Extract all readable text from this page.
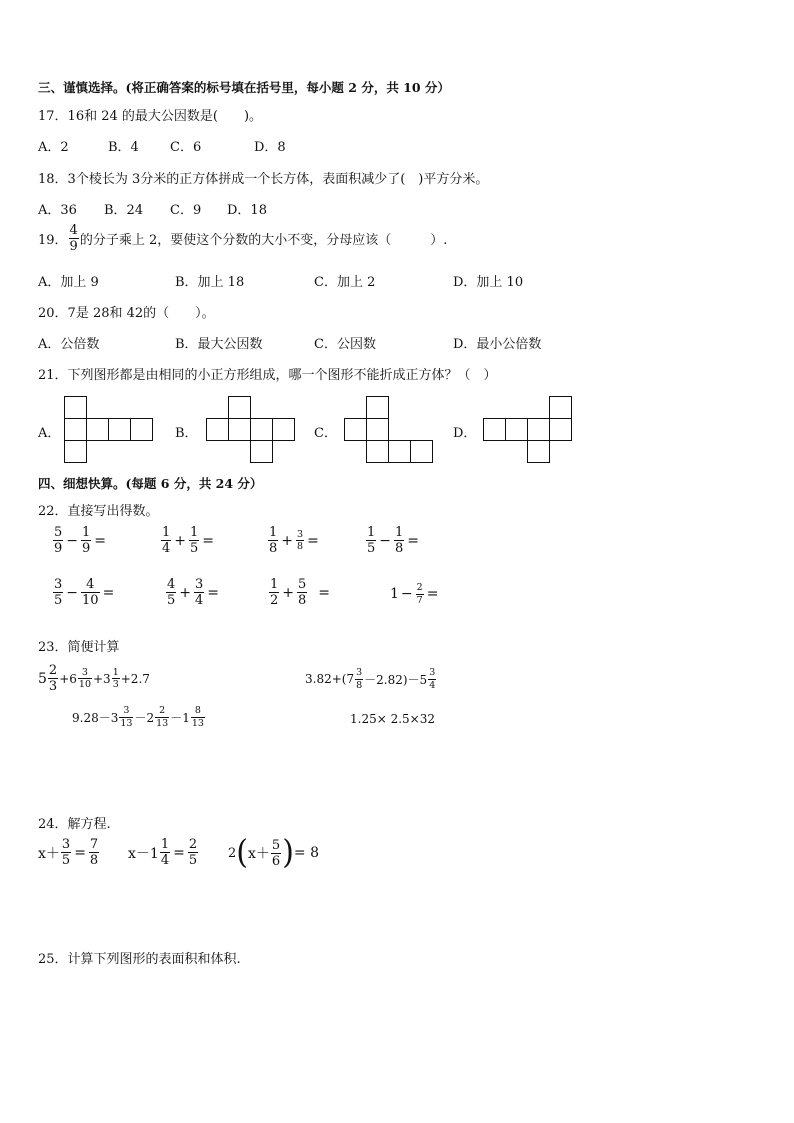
三、谨慎选择。(将正确答案的标号填在括号里，每小题 2 分，共 10 分）
17．16和 24 的最大公因数是(　　)。
A．2	B．4 C．6	D．8
18．3个棱长为 3分米的正方体拼成一个长方体，表面积减少了(　)平方分米。
A．36 B．24 C．9 D．18
19． $\frac{4}{9}$ 的分子乘上 2，要使这个分数的大小不变，分母应该（　　　）.
A．加上 9	B．加上 18	C．加上 2	D．加上 10
20．7是 28和 42的（　　）。
A．公倍数	B．最大公因数	C．公因数	D．最小公倍数
21．下列图形都是由相同的小正方形组成，哪一个图形不能折成正方体？（　）
A．	B．	C．	D．
四、细想快算。(每题 6 分，共 24 分）
22．直接写出得数。
$\frac{5}{9} - \frac{1}{9}$ =	$\frac{1}{4} + \frac{1}{5}$ =	$\frac{1}{8} + \frac{3}{8}$ =	$\frac{1}{5} - \frac{1}{8}$ =
$\frac{3}{5} - \frac{4}{10}$ =	$\frac{4}{5} + \frac{3}{4}$ =	$\frac{1}{2} + \frac{5}{8}$ =	$1 - \frac{2}{7}$ =
23．简便计算
$5 \frac{2}{3} +6 \frac{3}{10} +3 \frac{1}{3} +2.7$	$3.82+(7 \frac{3}{8} -2.82)-5 \frac{3}{4}$
$9.28-3 \frac{3}{13} -2 \frac{2}{13} -1 \frac{8}{13}$	1.25× 2.5×32
24．解方程.
$x+ \frac{3}{5} = \frac{7}{8} x-1 \frac{1}{4} = \frac{2}{5} 2$ ( $x+ \frac{5}{6}$ ) = 8
25．计算下列图形的表面积和体积.
